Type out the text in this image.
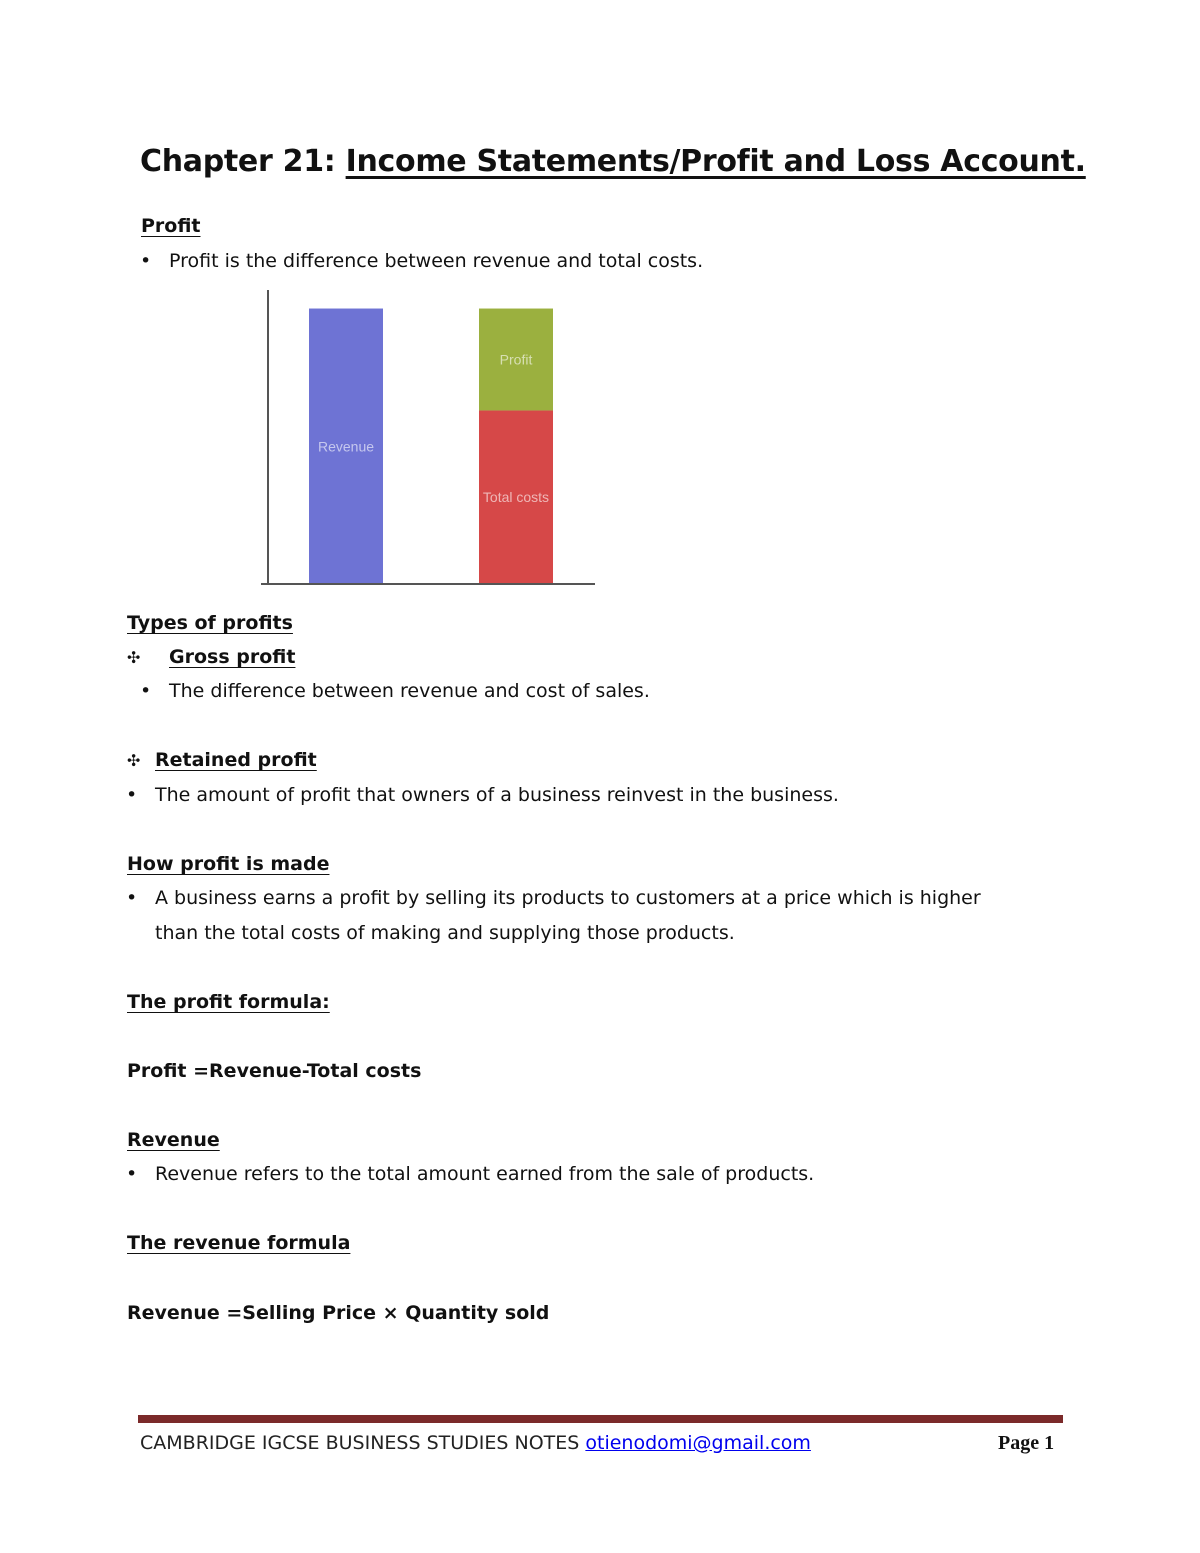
Chapter 21: Income Statements/Profit and Loss Account.
Profit
• Profit is the difference between revenue and total costs.
Revenue
Total costs
Profit
Types of profits
✣ Gross profit
• The difference between revenue and cost of sales.
✣ Retained profit
• The amount of profit that owners of a business reinvest in the business.
How profit is made
• A business earns a profit by selling its products to customers at a price which is higher
than the total costs of making and supplying those products.
The profit formula:
Profit =Revenue-Total costs
Revenue
• Revenue refers to the total amount earned from the sale of products.
The revenue formula
Revenue =Selling Price × Quantity sold
CAMBRIDGE IGCSE BUSINESS STUDIES NOTES otienodomi@gmail.com	Page 1
